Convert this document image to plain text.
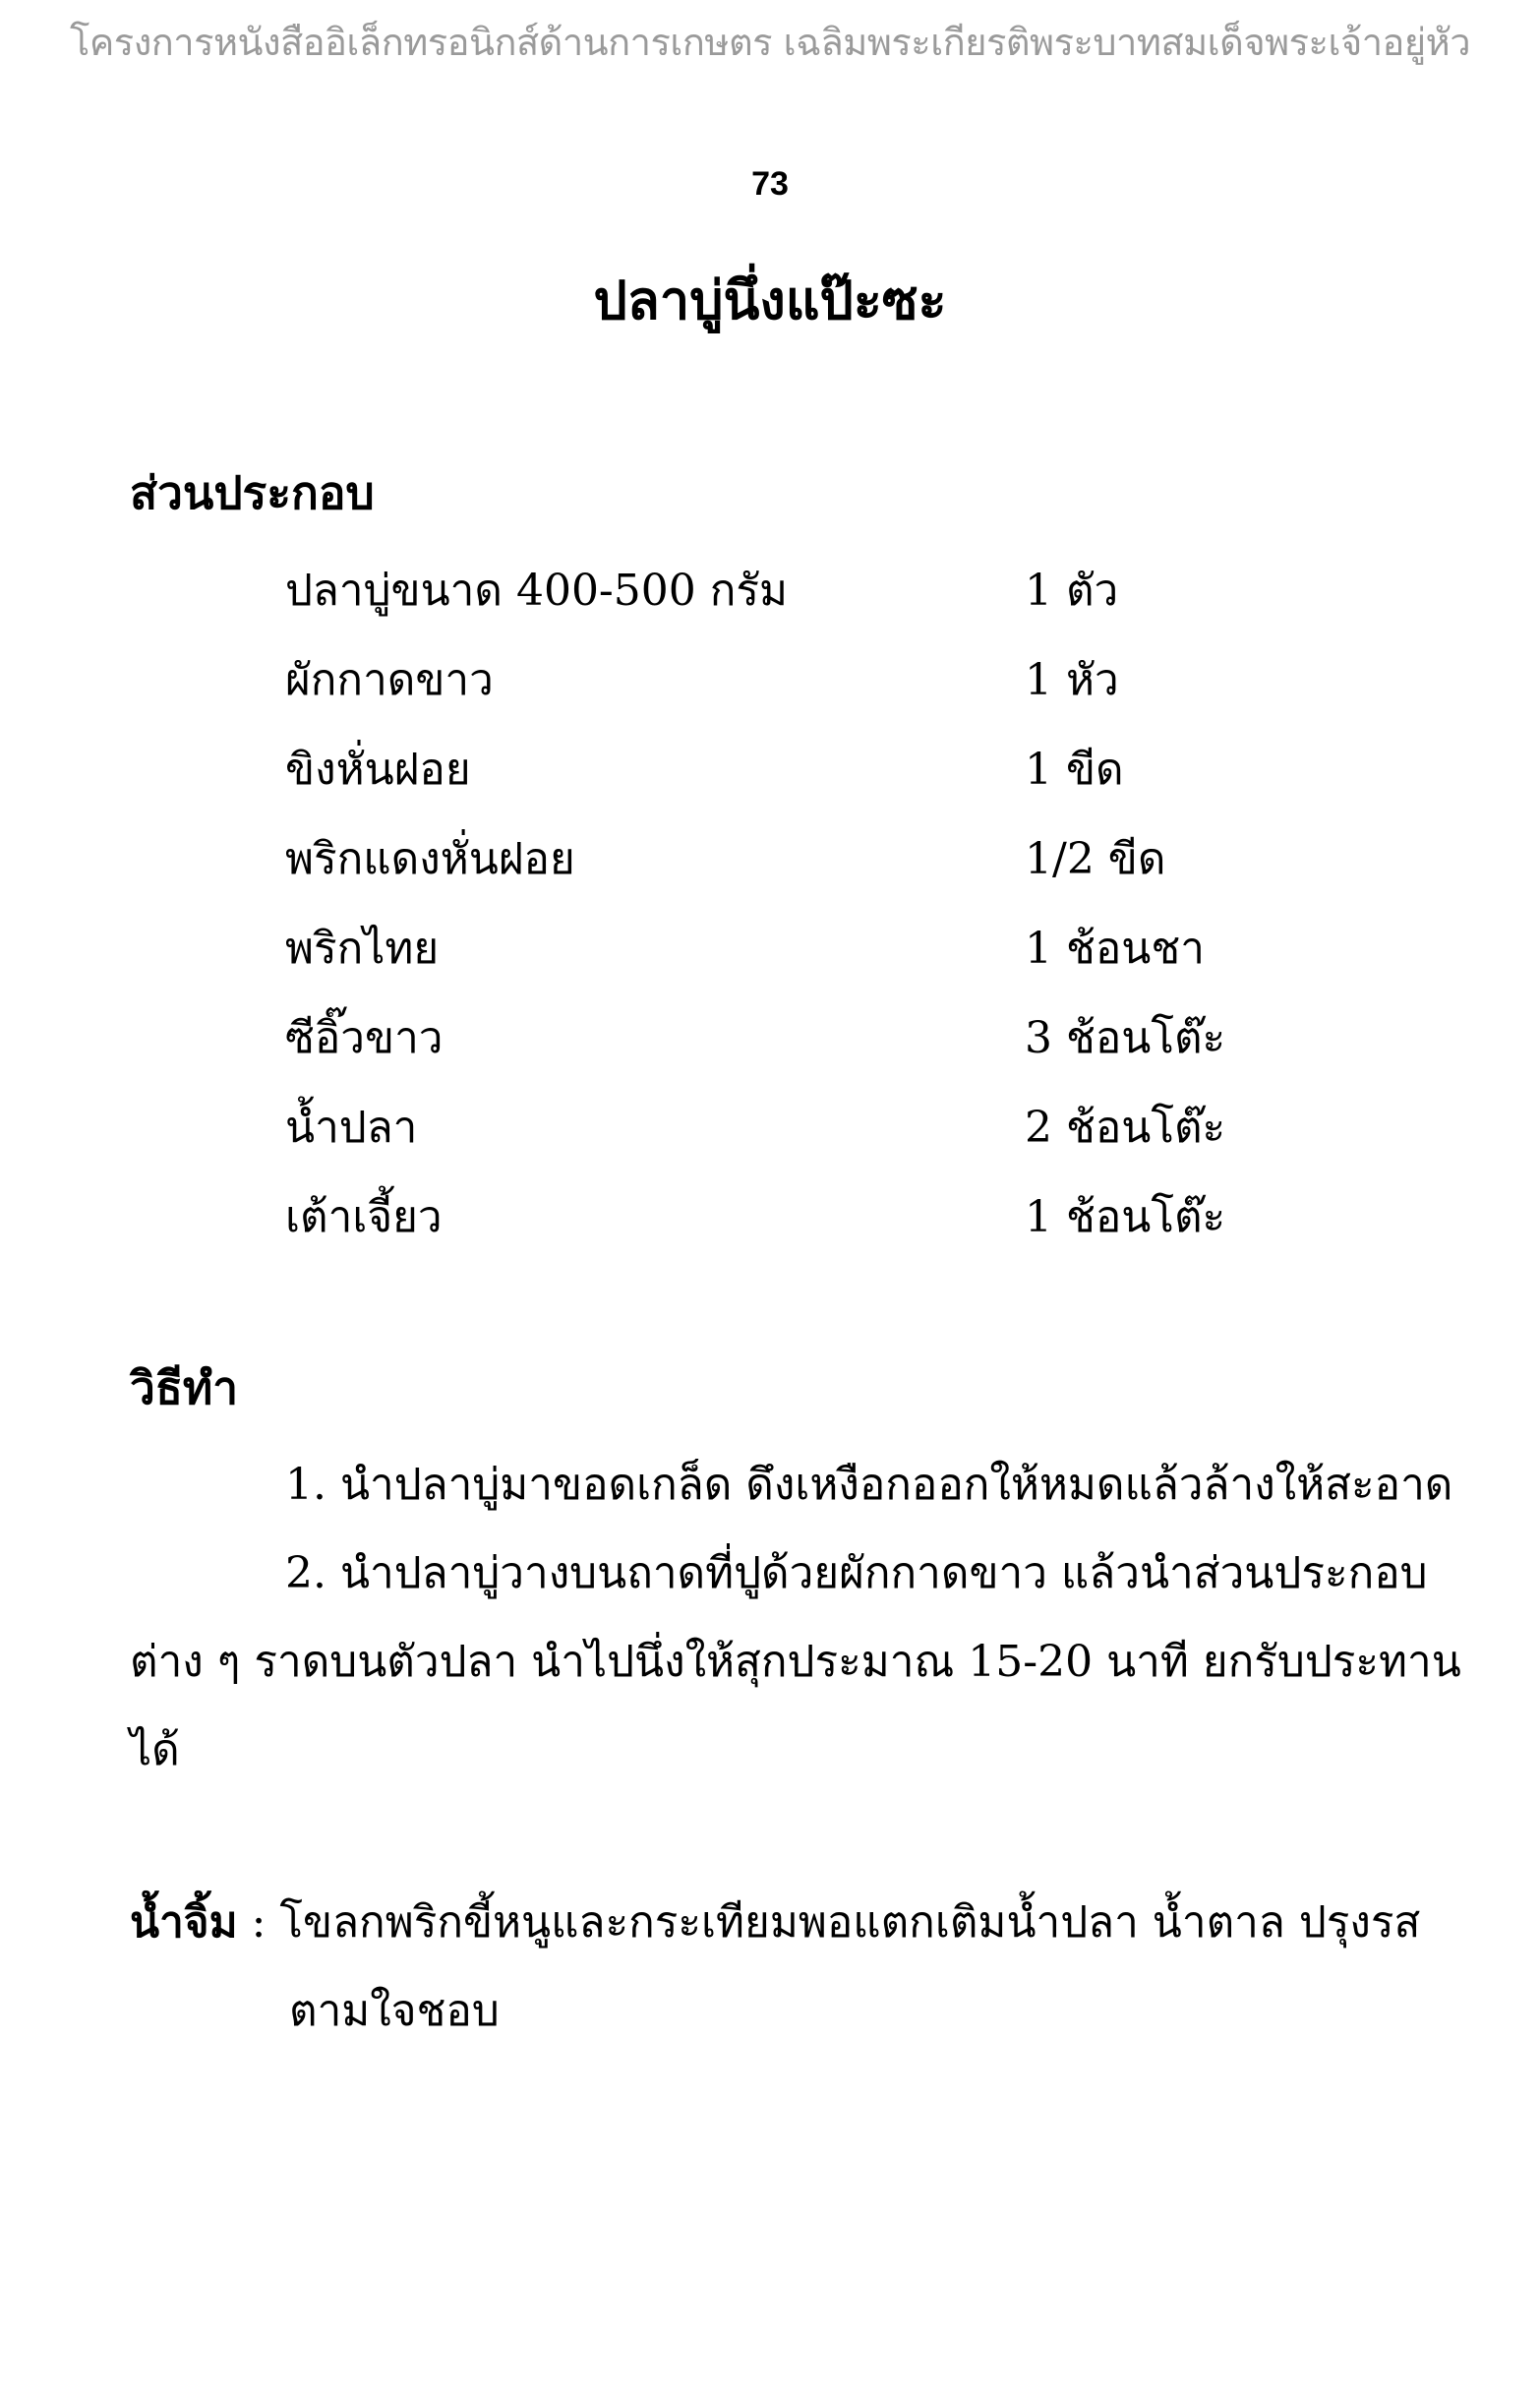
โครงการหนังสืออิเล็กทรอนิกส์ด้านการเกษตร เฉลิมพระเกียรติพระบาทสมเด็จพระเจ้าอยู่หัว
73
ปลาบู่นึ่งแป๊ะซะ
ส่วนประกอบ
ปลาบู่ขนาด 400-500 กรัม	1 ตัว
ผักกาดขาว	1 หัว
ขิงหั่นฝอย	1 ขีด
พริกแดงหั่นฝอย	1/2 ขีด
พริกไทย	1 ช้อนชา
ซีอิ๊วขาว	3 ช้อนโต๊ะ
น้ำปลา	2 ช้อนโต๊ะ
เต้าเจี้ยว	1 ช้อนโต๊ะ
วิธีทำ
1. นำปลาบู่มาขอดเกล็ด ดึงเหงือกออกให้หมดแล้วล้างให้สะอาด
2. นำปลาบู่วางบนถาดที่ปูด้วยผักกาดขาว แล้วนำส่วนประกอบ
ต่าง ๆ ราดบนตัวปลา นำไปนึ่งให้สุกประมาณ 15-20 นาที ยกรับประทาน
ได้
น้ำจิ้ม : โขลกพริกขี้หนูและกระเทียมพอแตกเติมน้ำปลา น้ำตาล ปรุงรส
ตามใจชอบ
